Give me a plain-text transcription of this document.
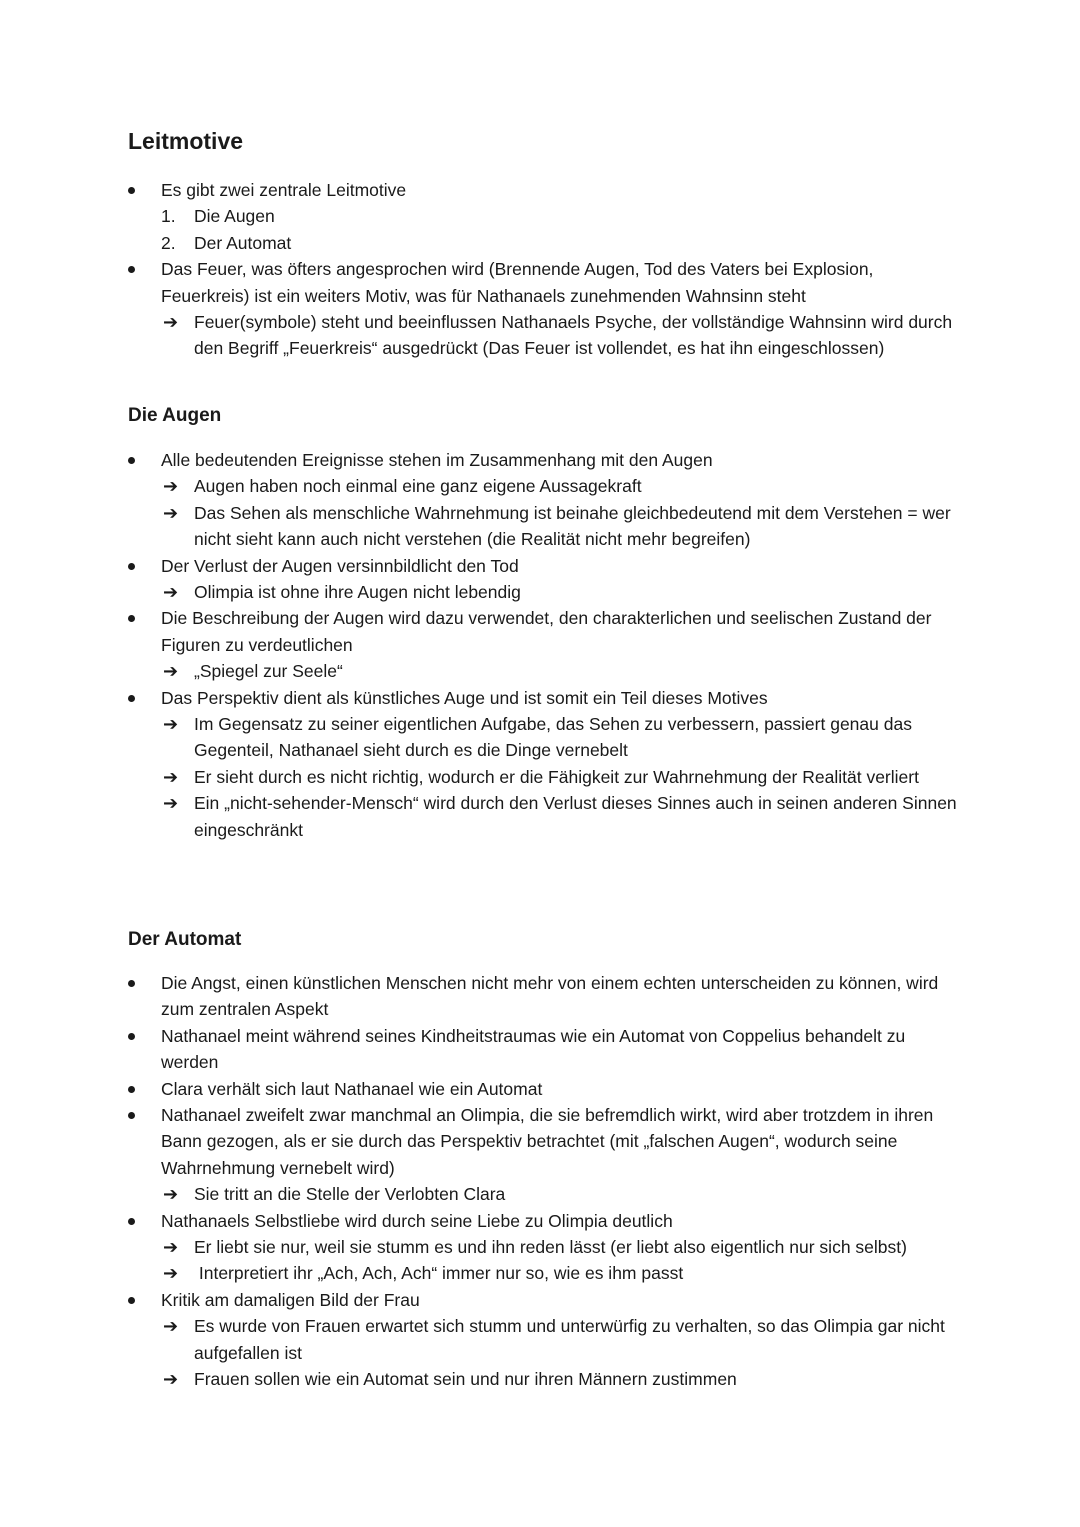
Leitmotive
Es gibt zwei zentrale Leitmotive
1. Die Augen
2. Der Automat
Das Feuer, was öfters angesprochen wird (Brennende Augen, Tod des Vaters bei Explosion, Feuerkreis) ist ein weiters Motiv, was für Nathanaels zunehmenden Wahnsinn steht
➔ Feuer(symbole) steht und beeinflussen Nathanaels Psyche, der vollständige Wahnsinn wird durch den Begriff „Feuerkreis“ ausgedrückt (Das Feuer ist vollendet, es hat ihn eingeschlossen)
Die Augen
Alle bedeutenden Ereignisse stehen im Zusammenhang mit den Augen
➔ Augen haben noch einmal eine ganz eigene Aussagekraft
➔ Das Sehen als menschliche Wahrnehmung ist beinahe gleichbedeutend mit dem Verstehen = wer nicht sieht kann auch nicht verstehen (die Realität nicht mehr begreifen)
Der Verlust der Augen versinnbildlicht den Tod
➔ Olimpia ist ohne ihre Augen nicht lebendig
Die Beschreibung der Augen wird dazu verwendet, den charakterlichen und seelischen Zustand der Figuren zu verdeutlichen
➔ „Spiegel zur Seele“
Das Perspektiv dient als künstliches Auge und ist somit ein Teil dieses Motives
➔ Im Gegensatz zu seiner eigentlichen Aufgabe, das Sehen zu verbessern, passiert genau das Gegenteil, Nathanael sieht durch es die Dinge vernebelt
➔ Er sieht durch es nicht richtig, wodurch er die Fähigkeit zur Wahrnehmung der Realität verliert
➔ Ein „nicht-sehender-Mensch“ wird durch den Verlust dieses Sinnes auch in seinen anderen Sinnen eingeschränkt
Der Automat
Die Angst, einen künstlichen Menschen nicht mehr von einem echten unterscheiden zu können, wird zum zentralen Aspekt
Nathanael meint während seines Kindheitstraumas wie ein Automat von Coppelius behandelt zu werden
Clara verhält sich laut Nathanael wie ein Automat
Nathanael zweifelt zwar manchmal an Olimpia, die sie befremdlich wirkt, wird aber trotzdem in ihren Bann gezogen, als er sie durch das Perspektiv betrachtet (mit „falschen Augen“, wodurch seine Wahrnehmung vernebelt wird)
➔ Sie tritt an die Stelle der Verlobten Clara
Nathanaels Selbstliebe wird durch seine Liebe zu Olimpia deutlich
➔ Er liebt sie nur, weil sie stumm es und ihn reden lässt (er liebt also eigentlich nur sich selbst)
➔ Interpretiert ihr „Ach, Ach, Ach“ immer nur so, wie es ihm passt
Kritik am damaligen Bild der Frau
➔ Es wurde von Frauen erwartet sich stumm und unterwürfig zu verhalten, so das Olimpia gar nicht aufgefallen ist
➔ Frauen sollen wie ein Automat sein und nur ihren Männern zustimmen
